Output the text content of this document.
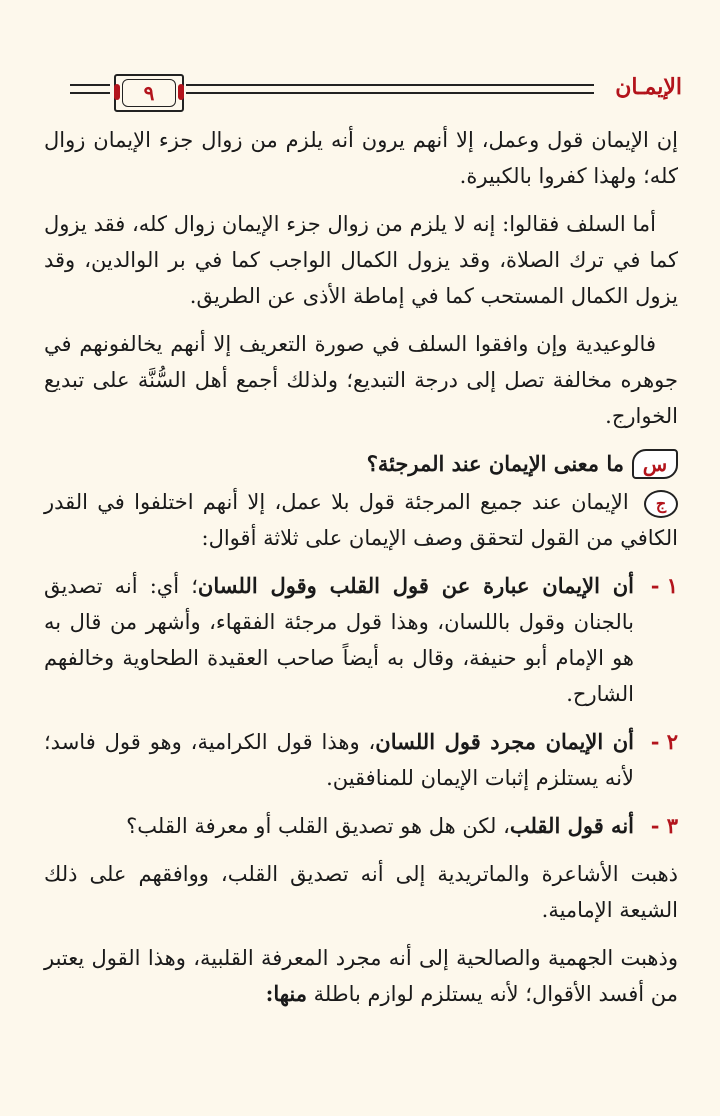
٩	الإيمـان

إن الإيمان قول وعمل، إلا أنهم يرون أنه يلزم من زوال جزء الإيمان زوال كله؛ ولهذا كفروا بالكبيرة.

أما السلف فقالوا: إنه لا يلزم من زوال جزء الإيمان زوال كله، فقد يزول كما في ترك الصلاة، وقد يزول الكمال الواجب كما في بر الوالدين، وقد يزول الكمال المستحب كما في إماطة الأذى عن الطريق.

فالوعيدية وإن وافقوا السلف في صورة التعريف إلا أنهم يخالفونهم في جوهره مخالفة تصل إلى درجة التبديع؛ ولذلك أجمع أهل السُّنَّة على تبديع الخوارج.

س
ما معنى الإيمان عند المرجئة؟

ج الإيمان عند جميع المرجئة قول بلا عمل، إلا أنهم اختلفوا في القدر الكافي من القول لتحقق وصف الإيمان على ثلاثة أقوال:

١ -
أن الإيمان عبارة عن قول القلب وقول اللسان؛ أي: أنه تصديق بالجنان وقول باللسان، وهذا قول مرجئة الفقهاء، وأشهر من قال به هو الإمام أبو حنيفة، وقال به أيضاً صاحب العقيدة الطحاوية وخالفهم الشارح.

٢ -
أن الإيمان مجرد قول اللسان، وهذا قول الكرامية، وهو قول فاسد؛ لأنه يستلزم إثبات الإيمان للمنافقين.

٣ -
أنه قول القلب، لكن هل هو تصديق القلب أو معرفة القلب؟

ذهبت الأشاعرة والماتريدية إلى أنه تصديق القلب، ووافقهم على ذلك الشيعة الإمامية.

وذهبت الجهمية والصالحية إلى أنه مجرد المعرفة القلبية، وهذا القول يعتبر من أفسد الأقوال؛ لأنه يستلزم لوازم باطلة منها:
